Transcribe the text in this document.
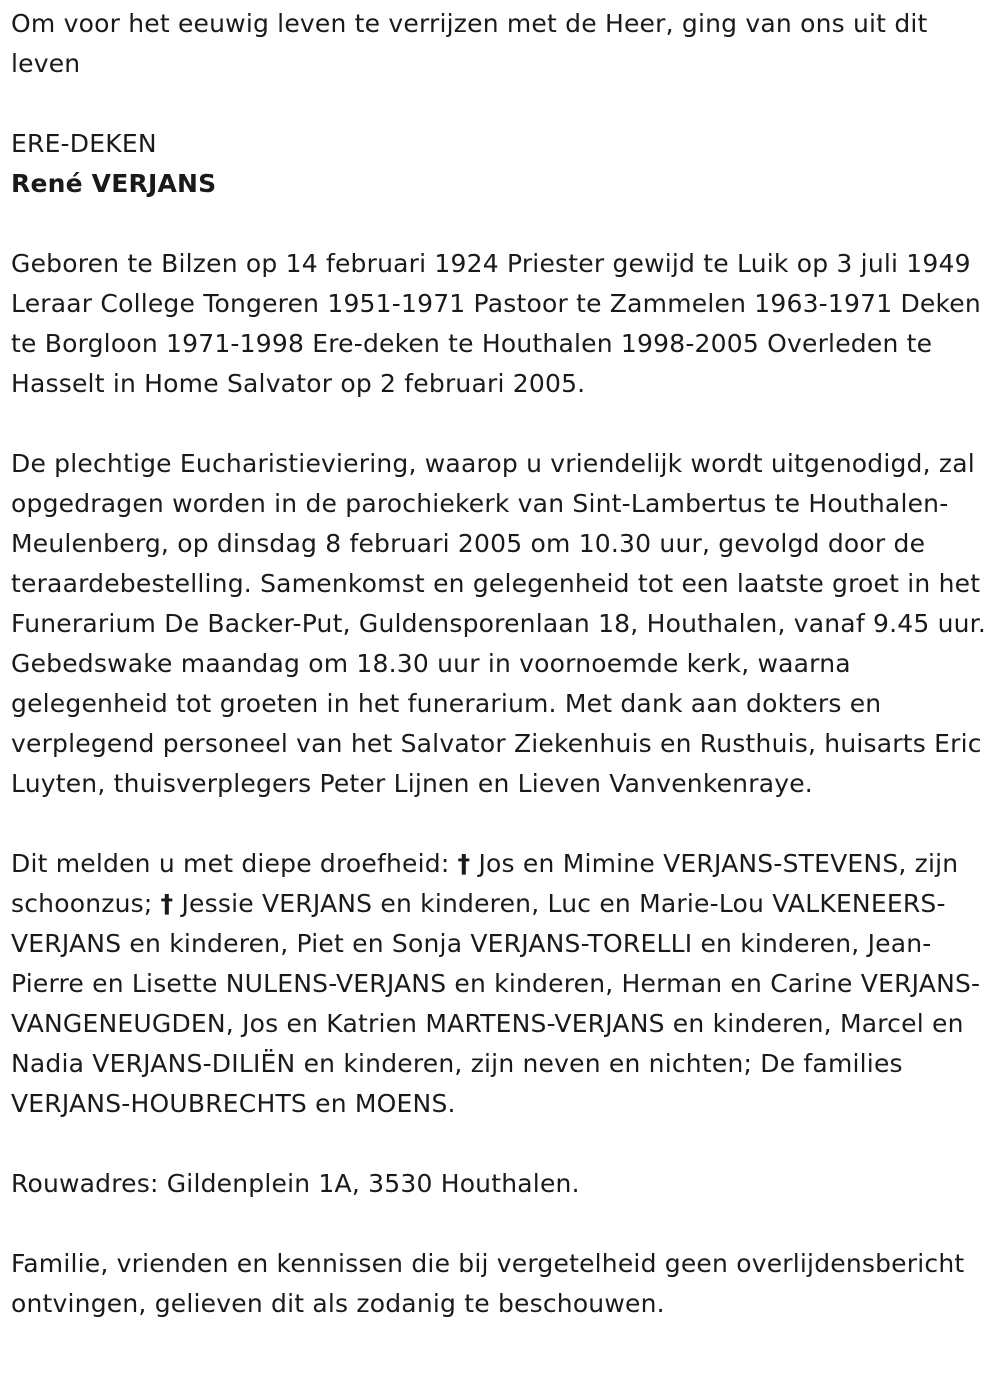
Om voor het eeuwig leven te verrijzen met de Heer, ging van ons uit dit leven

ERE-DEKEN

René VERJANS

Geboren te Bilzen op 14 februari 1924 Priester gewijd te Luik op 3 juli 1949 Leraar College Tongeren 1951-1971 Pastoor te Zammelen 1963-1971 Deken te Borgloon 1971-1998 Ere-deken te Houthalen 1998-2005 Overleden te Hasselt in Home Salvator op 2 februari 2005.

De plechtige Eucharistieviering, waarop u vriendelijk wordt uitgenodigd, zal opgedragen worden in de parochiekerk van Sint-Lambertus te Houthalen-Meulenberg, op dinsdag 8 februari 2005 om 10.30 uur, gevolgd door de teraardebestelling. Samenkomst en gelegenheid tot een laatste groet in het Funerarium De Backer-Put, Guldensporenlaan 18, Houthalen, vanaf 9.45 uur. Gebedswake maandag om 18.30 uur in voornoemde kerk, waarna gelegenheid tot groeten in het funerarium. Met dank aan dokters en verplegend personeel van het Salvator Ziekenhuis en Rusthuis, huisarts Eric Luyten, thuisverplegers Peter Lijnen en Lieven Vanvenkenraye.

Dit melden u met diepe droefheid: † Jos en Mimine VERJANS-STEVENS, zijn schoonzus; † Jessie VERJANS en kinderen, Luc en Marie-Lou VALKENEERS-VERJANS en kinderen, Piet en Sonja VERJANS-TORELLI en kinderen, Jean-Pierre en Lisette NULENS-VERJANS en kinderen, Herman en Carine VERJANS-VANGENEUGDEN, Jos en Katrien MARTENS-VERJANS en kinderen, Marcel en Nadia VERJANS-DILIËN en kinderen, zijn neven en nichten; De families VERJANS-HOUBRECHTS en MOENS.

Rouwadres: Gildenplein 1A, 3530 Houthalen.

Familie, vrienden en kennissen die bij vergetelheid geen overlijdensbericht ontvingen, gelieven dit als zodanig te beschouwen.
